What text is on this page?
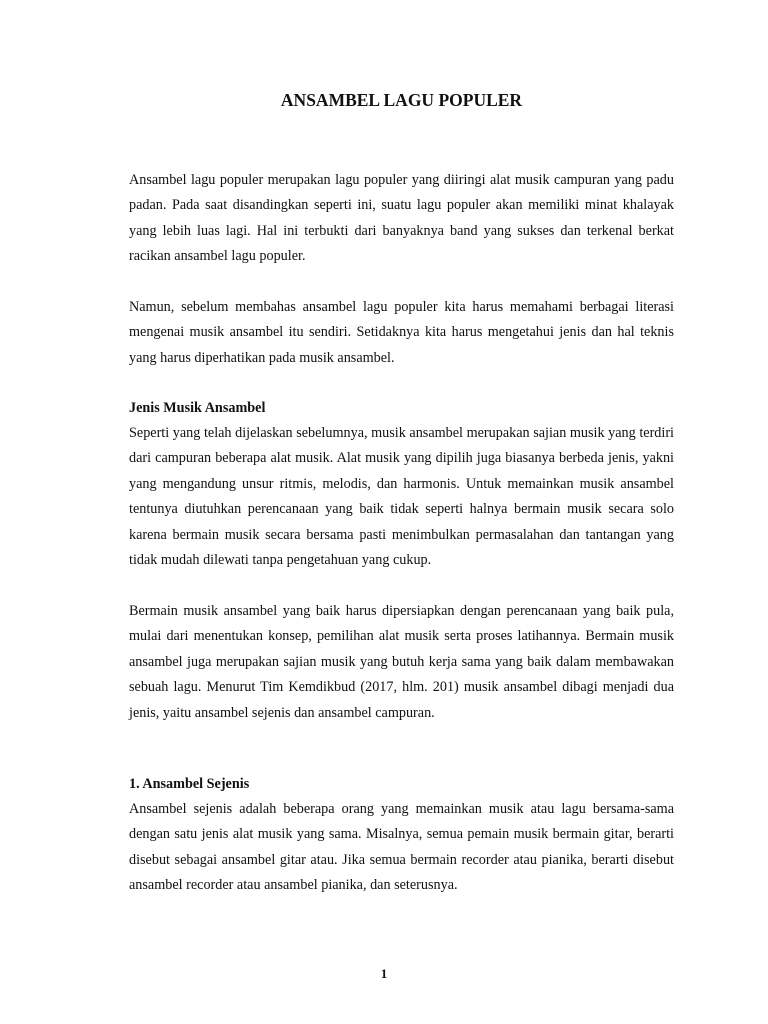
ANSAMBEL LAGU POPULER

Ansambel lagu populer merupakan lagu populer yang diiringi alat musik campuran yang padu padan. Pada saat disandingkan seperti ini, suatu lagu populer akan memiliki minat khalayak yang lebih luas lagi. Hal ini terbukti dari banyaknya band yang sukses dan terkenal berkat racikan ansambel lagu populer.

Namun, sebelum membahas ansambel lagu populer kita harus memahami berbagai literasi mengenai musik ansambel itu sendiri. Setidaknya kita harus mengetahui jenis dan hal teknis yang harus diperhatikan pada musik ansambel.

Jenis Musik Ansambel

Seperti yang telah dijelaskan sebelumnya, musik ansambel merupakan sajian musik yang terdiri dari campuran beberapa alat musik. Alat musik yang dipilih juga biasanya berbeda jenis, yakni yang mengandung unsur ritmis, melodis, dan harmonis. Untuk memainkan musik ansambel tentunya diutuhkan perencanaan yang baik tidak seperti halnya bermain musik secara solo karena bermain musik secara bersama pasti menimbulkan permasalahan dan tantangan yang tidak mudah dilewati tanpa pengetahuan yang cukup.

Bermain musik ansambel yang baik harus dipersiapkan dengan perencanaan yang baik pula, mulai dari menentukan konsep, pemilihan alat musik serta proses latihannya. Bermain musik ansambel juga merupakan sajian musik yang butuh kerja sama yang baik dalam membawakan sebuah lagu. Menurut Tim Kemdikbud (2017, hlm. 201) musik ansambel dibagi menjadi dua jenis, yaitu ansambel sejenis dan ansambel campuran.

1. Ansambel Sejenis

Ansambel sejenis adalah beberapa orang yang memainkan musik atau lagu bersama-sama dengan satu jenis alat musik yang sama. Misalnya, semua pemain musik bermain gitar, berarti disebut sebagai ansambel gitar atau. Jika semua bermain recorder atau pianika, berarti disebut ansambel recorder atau ansambel pianika, dan seterusnya.

1
